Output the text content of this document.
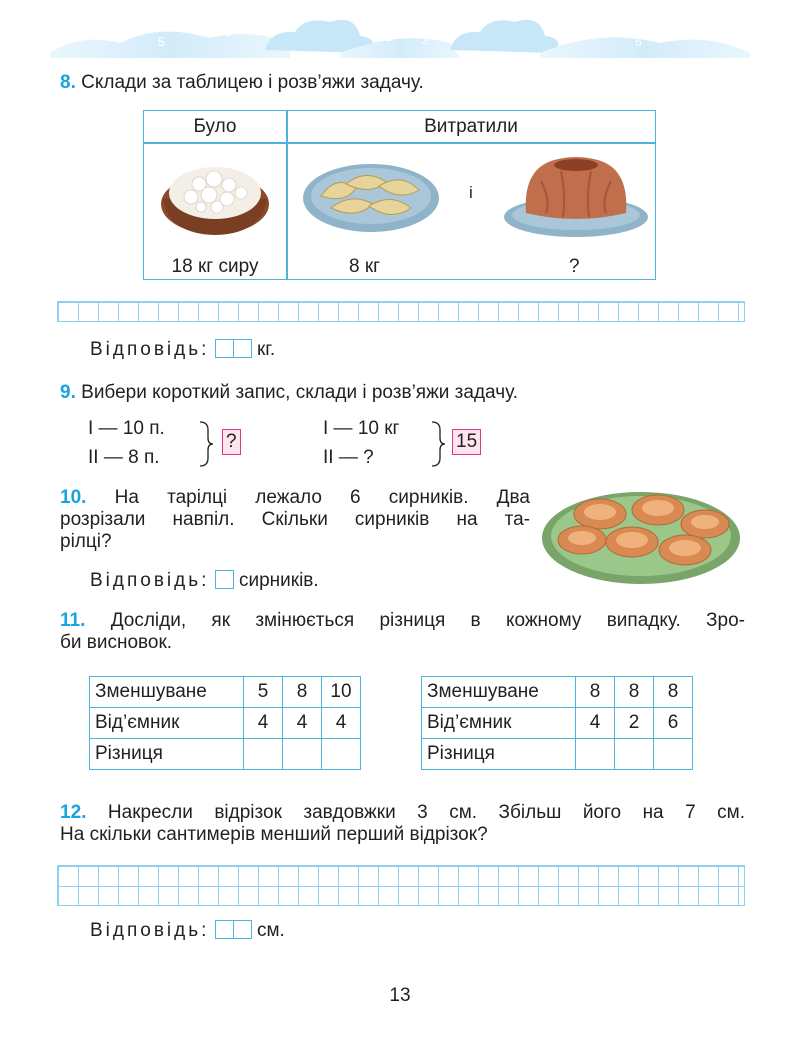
7
5
3	1
0
2	4
6
8
8. Склади за таблицею і розв’яжи задачу.
Було	Витратили
і
18 кг сиру	8 кг	?
Відповідь:	кг.
9. Вибери короткий запис, склади і розв’яжи задачу.
I — 10 п.
II — 8 п.
?
I — 10 кг
II — ?
15
10. На тарілці лежало 6 сирників. Два
розрізали навпіл. Скільки сирників на та-
рілці?
Відповідь: сирників.
11. Досліди, як змінюється різниця в кожному випадку. Зро-
би висновок.
Зменшуване	5	8	10
Від’ємник	4	4	4
Різниця			
Зменшуване	8	8	8
Від’ємник	4	2	6
Різниця			
12. Накресли відрізок завдовжки 3 см. Збільш його на 7 см.
На скільки сантимерів менший перший відрізок?
Відповідь:	см.
13
